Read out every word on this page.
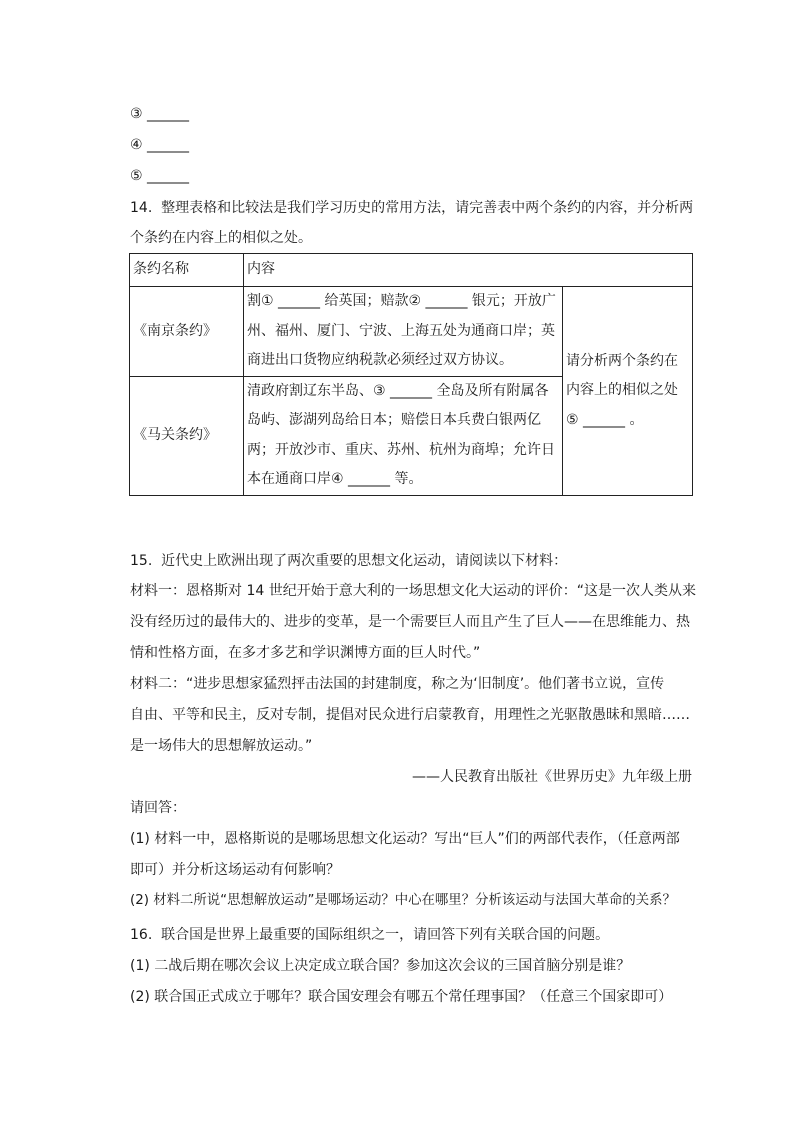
③ ______
④ ______
⑤ ______
14. 整理表格和比较法是我们学习历史的常用方法，请完善表中两个条约的内容，并分析两
个条约在内容上的相似之处。
条约名称	内容	
《南京条约》	割① ______ 给英国；赔款② ______ 银元；开放广州、福州、厦门、宁波、上海五处为通商口岸；英商进出口货物应纳税款必须经过双方协议。	请分析两个条约在内容上的相似之处⑤ ______ 。

《马关条约》	清政府割辽东半岛、③ ______ 全岛及所有附属各岛屿、澎湖列岛给日本；赔偿日本兵费白银两亿两；开放沙市、重庆、苏州、杭州为商埠；允许日本在通商口岸④ ______ 等。	
15. 近代史上欧洲出现了两次重要的思想文化运动，请阅读以下材料：
材料一：恩格斯对 14 世纪开始于意大利的一场思想文化大运动的评价：“这是一次人类从来
没有经历过的最伟大的、进步的变革，是一个需要巨人而且产生了巨人——在思维能力、热
情和性格方面，在多才多艺和学识渊博方面的巨人时代。”
材料二：“进步思想家猛烈抨击法国的封建制度，称之为‘旧制度’。他们著书立说，宣传
自由、平等和民主，反对专制，提倡对民众进行启蒙教育，用理性之光驱散愚昧和黑暗……
是一场伟大的思想解放运动。”
——人民教育出版社《世界历史》九年级上册
请回答：
(1) 材料一中，恩格斯说的是哪场思想文化运动？写出“巨人”们的两部代表作，（任意两部
即可）并分析这场运动有何影响？
(2) 材料二所说“思想解放运动”是哪场运动？中心在哪里？分析该运动与法国大革命的关系？
16. 联合国是世界上最重要的国际组织之一，请回答下列有关联合国的问题。
(1) 二战后期在哪次会议上决定成立联合国？参加这次会议的三国首脑分别是谁？
(2) 联合国正式成立于哪年？联合国安理会有哪五个常任理事国？（任意三个国家即可）
